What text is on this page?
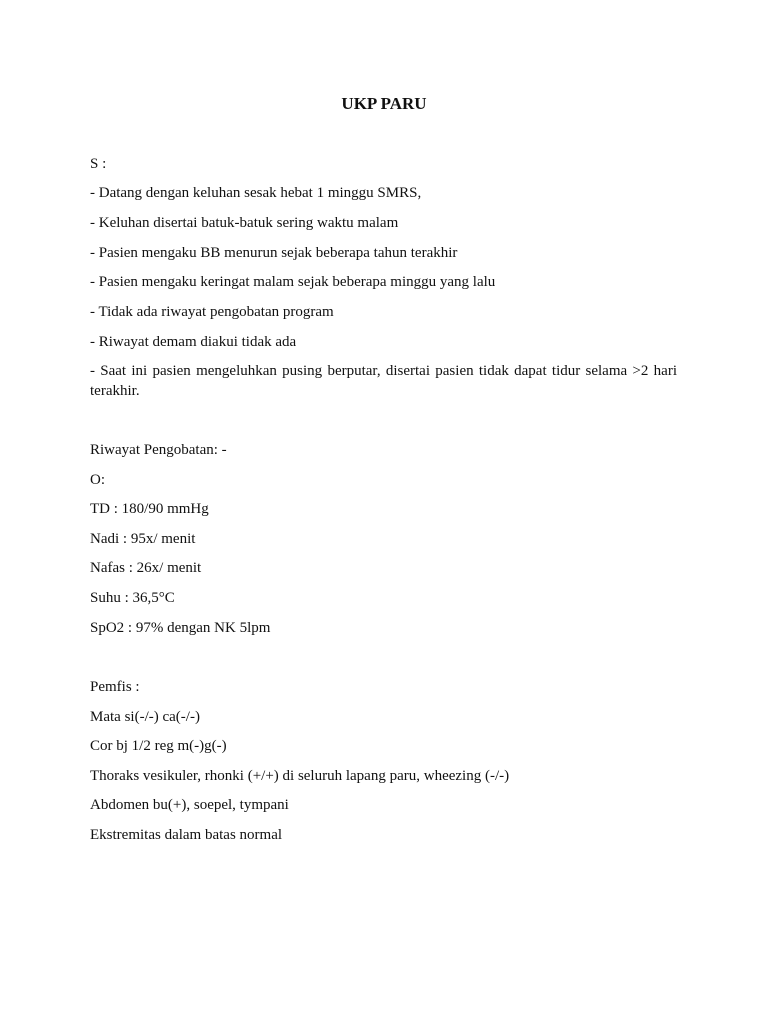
UKP PARU
S :
- Datang dengan keluhan sesak hebat 1 minggu SMRS,
- Keluhan disertai batuk-batuk sering waktu malam
- Pasien mengaku BB menurun sejak beberapa tahun terakhir
- Pasien mengaku keringat malam sejak beberapa minggu yang lalu
- Tidak ada riwayat pengobatan program
- Riwayat demam diakui tidak ada
- Saat ini pasien mengeluhkan pusing berputar, disertai pasien tidak dapat tidur selama >2 hari terakhir.
Riwayat Pengobatan: -
O:
TD : 180/90 mmHg
Nadi : 95x/ menit
Nafas : 26x/ menit
Suhu : 36,5°C
SpO2 : 97% dengan NK 5lpm
Pemfis :
Mata si(-/-) ca(-/-)
Cor bj 1/2 reg m(-)g(-)
Thoraks vesikuler, rhonki (+/+) di seluruh lapang paru, wheezing (-/-)
Abdomen bu(+), soepel, tympani
Ekstremitas dalam batas normal
